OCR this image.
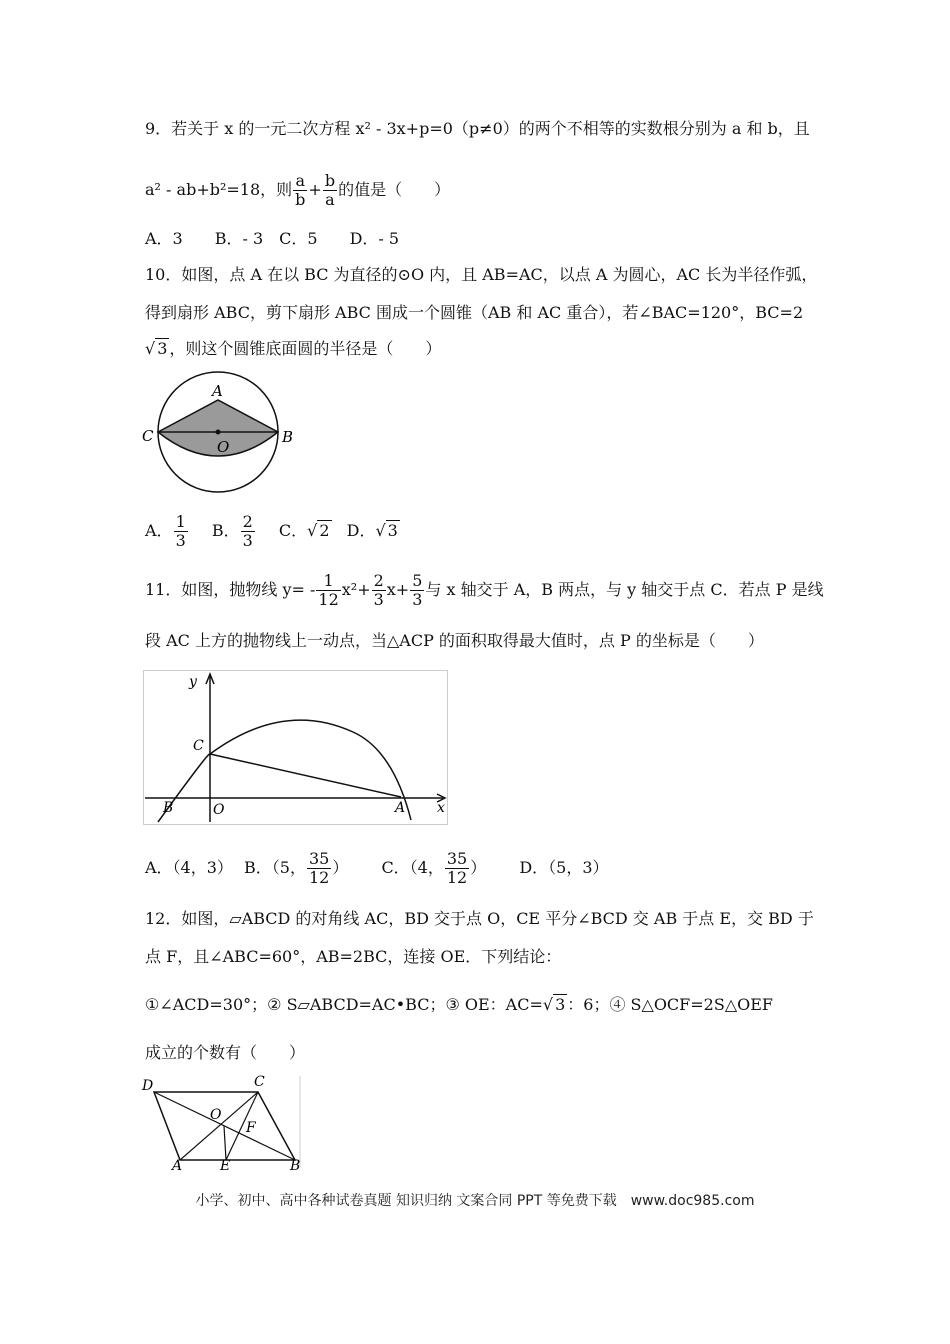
9．若关于 x 的一元二次方程 x² - 3x+p=0（p≠0）的两个不相等的实数根分别为 a 和 b，且
a² - ab+b²=18，则 $\frac{a}{b} + \frac{b}{a}$ 的值是（　　）
A．3　　B．- 3　C．5　　D．- 5
10．如图，点 A 在以 BC 为直径的⊙O 内，且 AB=AC，以点 A 为圆心，AC 长为半径作弧，
得到扇形 ABC，剪下扇形 ABC 围成一个圆锥（AB 和 AC 重合），若∠BAC=120°，BC=2
√ 3 ，则这个圆锥底面圆的半径是（　　）
A
B
C
O
A． $\frac{1}{3}$ B． $\frac{2}{3}$ C．√ 2 D．√ 3
11．如图，抛物线 $y= - \frac{1}{12} x^2+ \frac{2}{3} x+ \frac{5}{3}$ 与 x 轴交于 A，B 两点，与 y 轴交于点 C．若点 P 是线
段 AC 上方的抛物线上一动点，当△ACP 的面积取得最大值时，点 P 的坐标是（　　）
y
x
C
B	O	A
A．（4，3） B．（5， $\frac{35}{12}$ ） C．（4， $\frac{35}{12}$ ） D．（5，3）
12．如图，▱ABCD 的对角线 AC，BD 交于点 O，CE 平分∠BCD 交 AB 于点 E，交 BD 于
点 F，且∠ABC=60°，AB=2BC，连接 OE．下列结论：
①∠ACD=30°；② S▱ABCD=AC•BC；③ OE：AC=√ 3 ：6；④ S△OCF=2S△OEF
成立的个数有（　　）
D	C
O
F
A	E	B
小学、初中、高中各种试卷真题 知识归纳 文案合同 PPT 等免费下载　www.doc985.com
